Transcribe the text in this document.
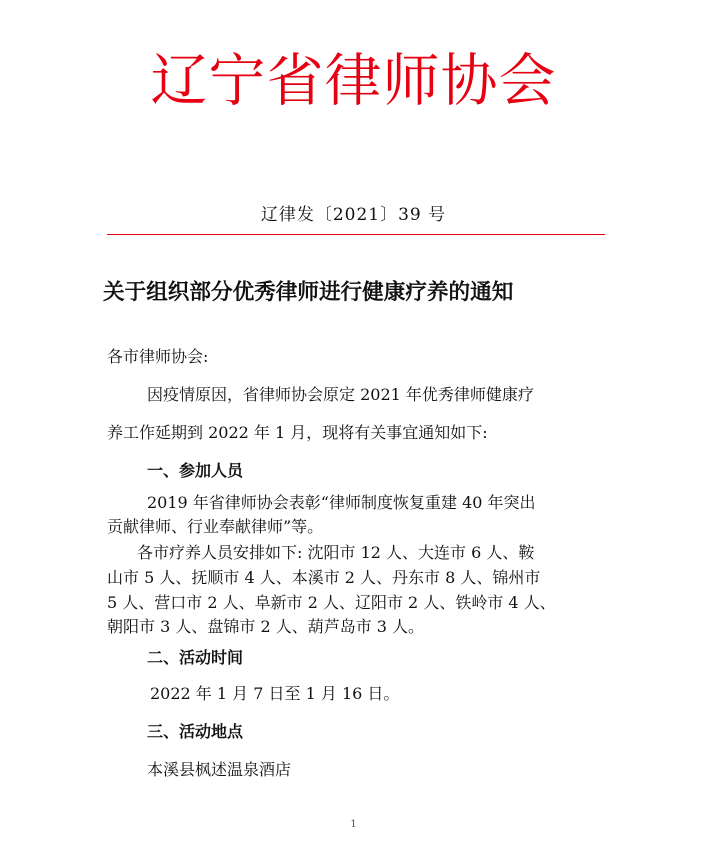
辽宁省律师协会
辽律发〔2021〕39 号
关于组织部分优秀律师进行健康疗养的通知
各市律师协会:
因疫情原因，省律师协会原定 2021 年优秀律师健康疗
养工作延期到 2022 年 1 月，现将有关事宜通知如下:
一、参加人员
2019 年省律师协会表彰“律师制度恢复重建 40 年突出
贡献律师、行业奉献律师”等。
各市疗养人员安排如下: 沈阳市 12 人、大连市 6 人、鞍
山市 5 人、抚顺市 4 人、本溪市 2 人、丹东市 8 人、锦州市
5 人、营口市 2 人、阜新市 2 人、辽阳市 2 人、铁岭市 4 人、
朝阳市 3 人、盘锦市 2 人、葫芦岛市 3 人。
二、活动时间
2022 年 1 月 7 日至 1 月 16 日。
三、活动地点
本溪县枫述温泉酒店
1
